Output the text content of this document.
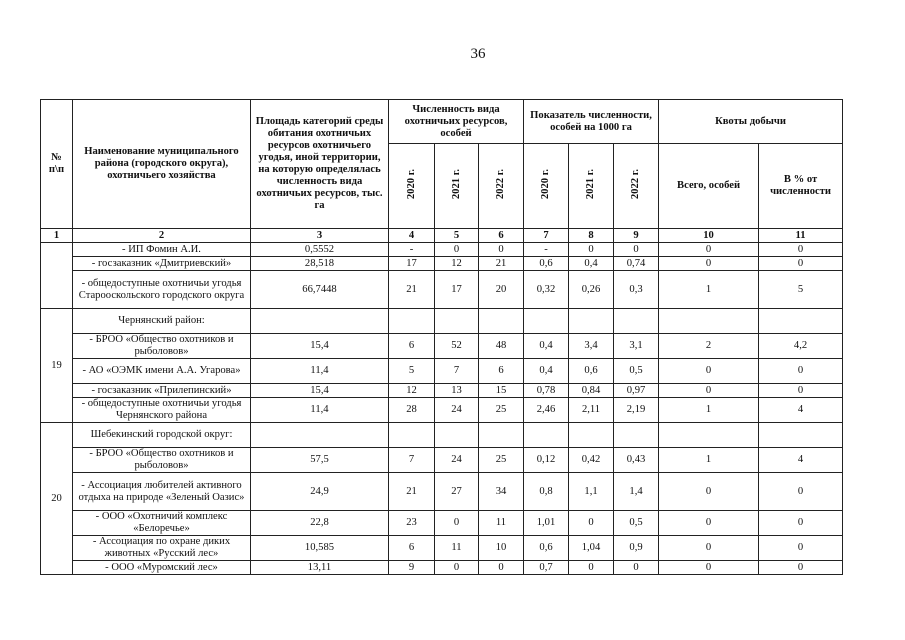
36
№ п\п	Наименование муниципального района (городского округа), охотничьего хозяйства	Площадь категорий среды обитания охотничьих ресурсов охотничьего угодья, иной территории, на которую определялась численность вида охотничьих ресурсов, тыс. га	Численность вида охотничьих ресурсов, особей			Показатель численности, особей на 1000 га			Квоты добычи	
			2020 г.	2021 г.	2022 г.	2020 г.	2021 г.	2022 г.	Всего, особей	В % от численности
1	2	3	4	5	6	7	8	9	10	11
	- ИП Фомин А.И.	0,5552	-	0	0	-	0	0	0	0
	- госзаказник «Дмитриевский»	28,518	17	12	21	0,6	0,4	0,74	0	0
	- общедоступные охотничьи угодья Старооскольского городского округа	66,7448	21	17	20	0,32	0,26	0,3	1	5
19	Чернянский район:									
	- БРОО «Общество охотников и рыболовов»	15,4	6	52	48	0,4	3,4	3,1	2	4,2
	- АО «ОЭМК имени А.А. Угарова»	11,4	5	7	6	0,4	0,6	0,5	0	0
	- госзаказник «Прилепинский»	15,4	12	13	15	0,78	0,84	0,97	0	0
	- общедоступные охотничьи угодья Чернянского района	11,4	28	24	25	2,46	2,11	2,19	1	4
20	Шебекинский городской округ:									
	- БРОО «Общество охотников и рыболовов»	57,5	7	24	25	0,12	0,42	0,43	1	4
	- Ассоциация любителей активного отдыха на природе «Зеленый Оазис»	24,9	21	27	34	0,8	1,1	1,4	0	0
	- ООО «Охотничий комплекс «Белоречье»	22,8	23	0	11	1,01	0	0,5	0	0
	- Ассоциация по охране диких животных «Русский лес»	10,585	6	11	10	0,6	1,04	0,9	0	0
	- ООО «Муромский лес»	13,11	9	0	0	0,7	0	0	0	0
